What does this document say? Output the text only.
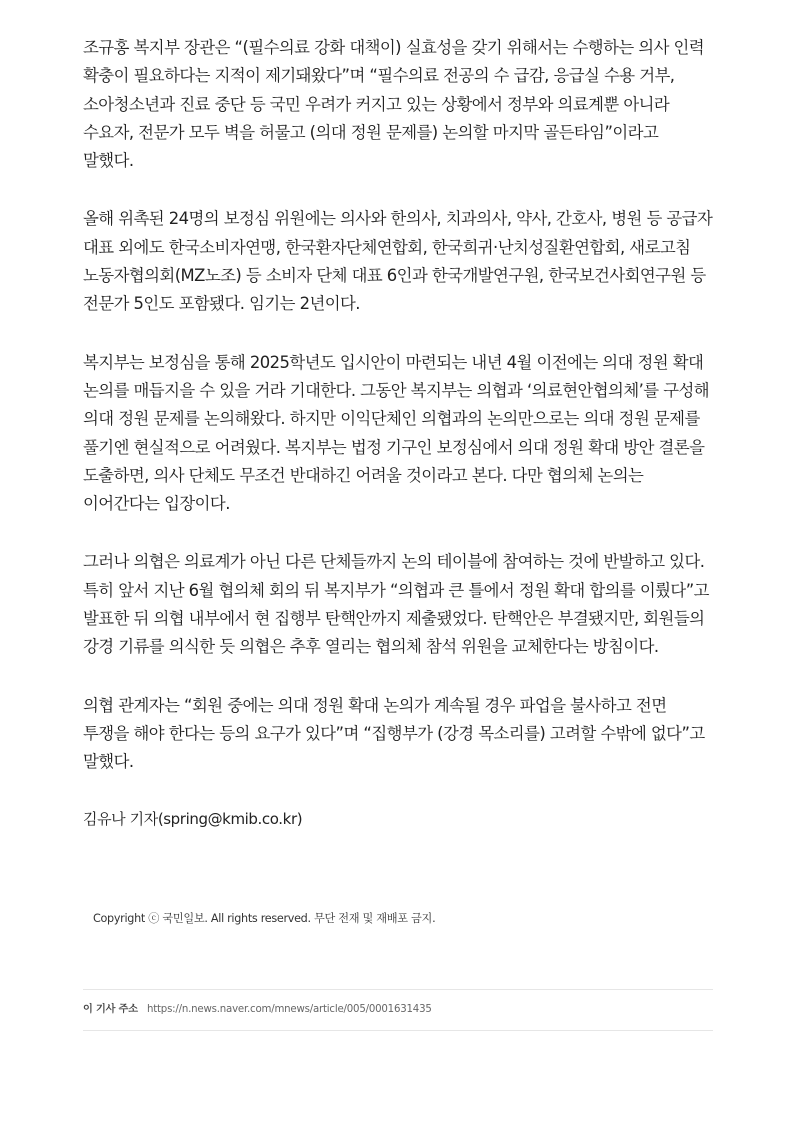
조규홍 복지부 장관은 “(필수의료 강화 대책이) 실효성을 갖기 위해서는 수행하는 의사 인력 확충이 필요하다는 지적이 제기돼왔다”며 “필수의료 전공의 수 급감, 응급실 수용 거부, 소아청소년과 진료 중단 등 국민 우려가 커지고 있는 상황에서 정부와 의료계뿐 아니라 수요자, 전문가 모두 벽을 허물고 (의대 정원 문제를) 논의할 마지막 골든타임”이라고 말했다.

올해 위촉된 24명의 보정심 위원에는 의사와 한의사, 치과의사, 약사, 간호사, 병원 등 공급자 대표 외에도 한국소비자연맹, 한국환자단체연합회, 한국희귀·난치성질환연합회, 새로고침 노동자협의회(MZ노조) 등 소비자 단체 대표 6인과 한국개발연구원, 한국보건사회연구원 등 전문가 5인도 포함됐다. 임기는 2년이다.

복지부는 보정심을 통해 2025학년도 입시안이 마련되는 내년 4월 이전에는 의대 정원 확대 논의를 매듭지을 수 있을 거라 기대한다. 그동안 복지부는 의협과 ‘의료현안협의체’를 구성해 의대 정원 문제를 논의해왔다. 하지만 이익단체인 의협과의 논의만으로는 의대 정원 문제를 풀기엔 현실적으로 어려웠다. 복지부는 법정 기구인 보정심에서 의대 정원 확대 방안 결론을 도출하면, 의사 단체도 무조건 반대하긴 어려울 것이라고 본다. 다만 협의체 논의는 이어간다는 입장이다.

그러나 의협은 의료계가 아닌 다른 단체들까지 논의 테이블에 참여하는 것에 반발하고 있다. 특히 앞서 지난 6월 협의체 회의 뒤 복지부가 “의협과 큰 틀에서 정원 확대 합의를 이뤘다”고 발표한 뒤 의협 내부에서 현 집행부 탄핵안까지 제출됐었다. 탄핵안은 부결됐지만, 회원들의 강경 기류를 의식한 듯 의협은 추후 열리는 협의체 참석 위원을 교체한다는 방침이다.

의협 관계자는 “회원 중에는 의대 정원 확대 논의가 계속될 경우 파업을 불사하고 전면 투쟁을 해야 한다는 등의 요구가 있다”며 “집행부가 (강경 목소리를) 고려할 수밖에 없다”고 말했다.

김유나 기자(spring@kmib.co.kr)

Copyright ⓒ 국민일보. All rights reserved. 무단 전재 및 재배포 금지.
이 기사 주소 https://n.news.naver.com/mnews/article/005/0001631435
